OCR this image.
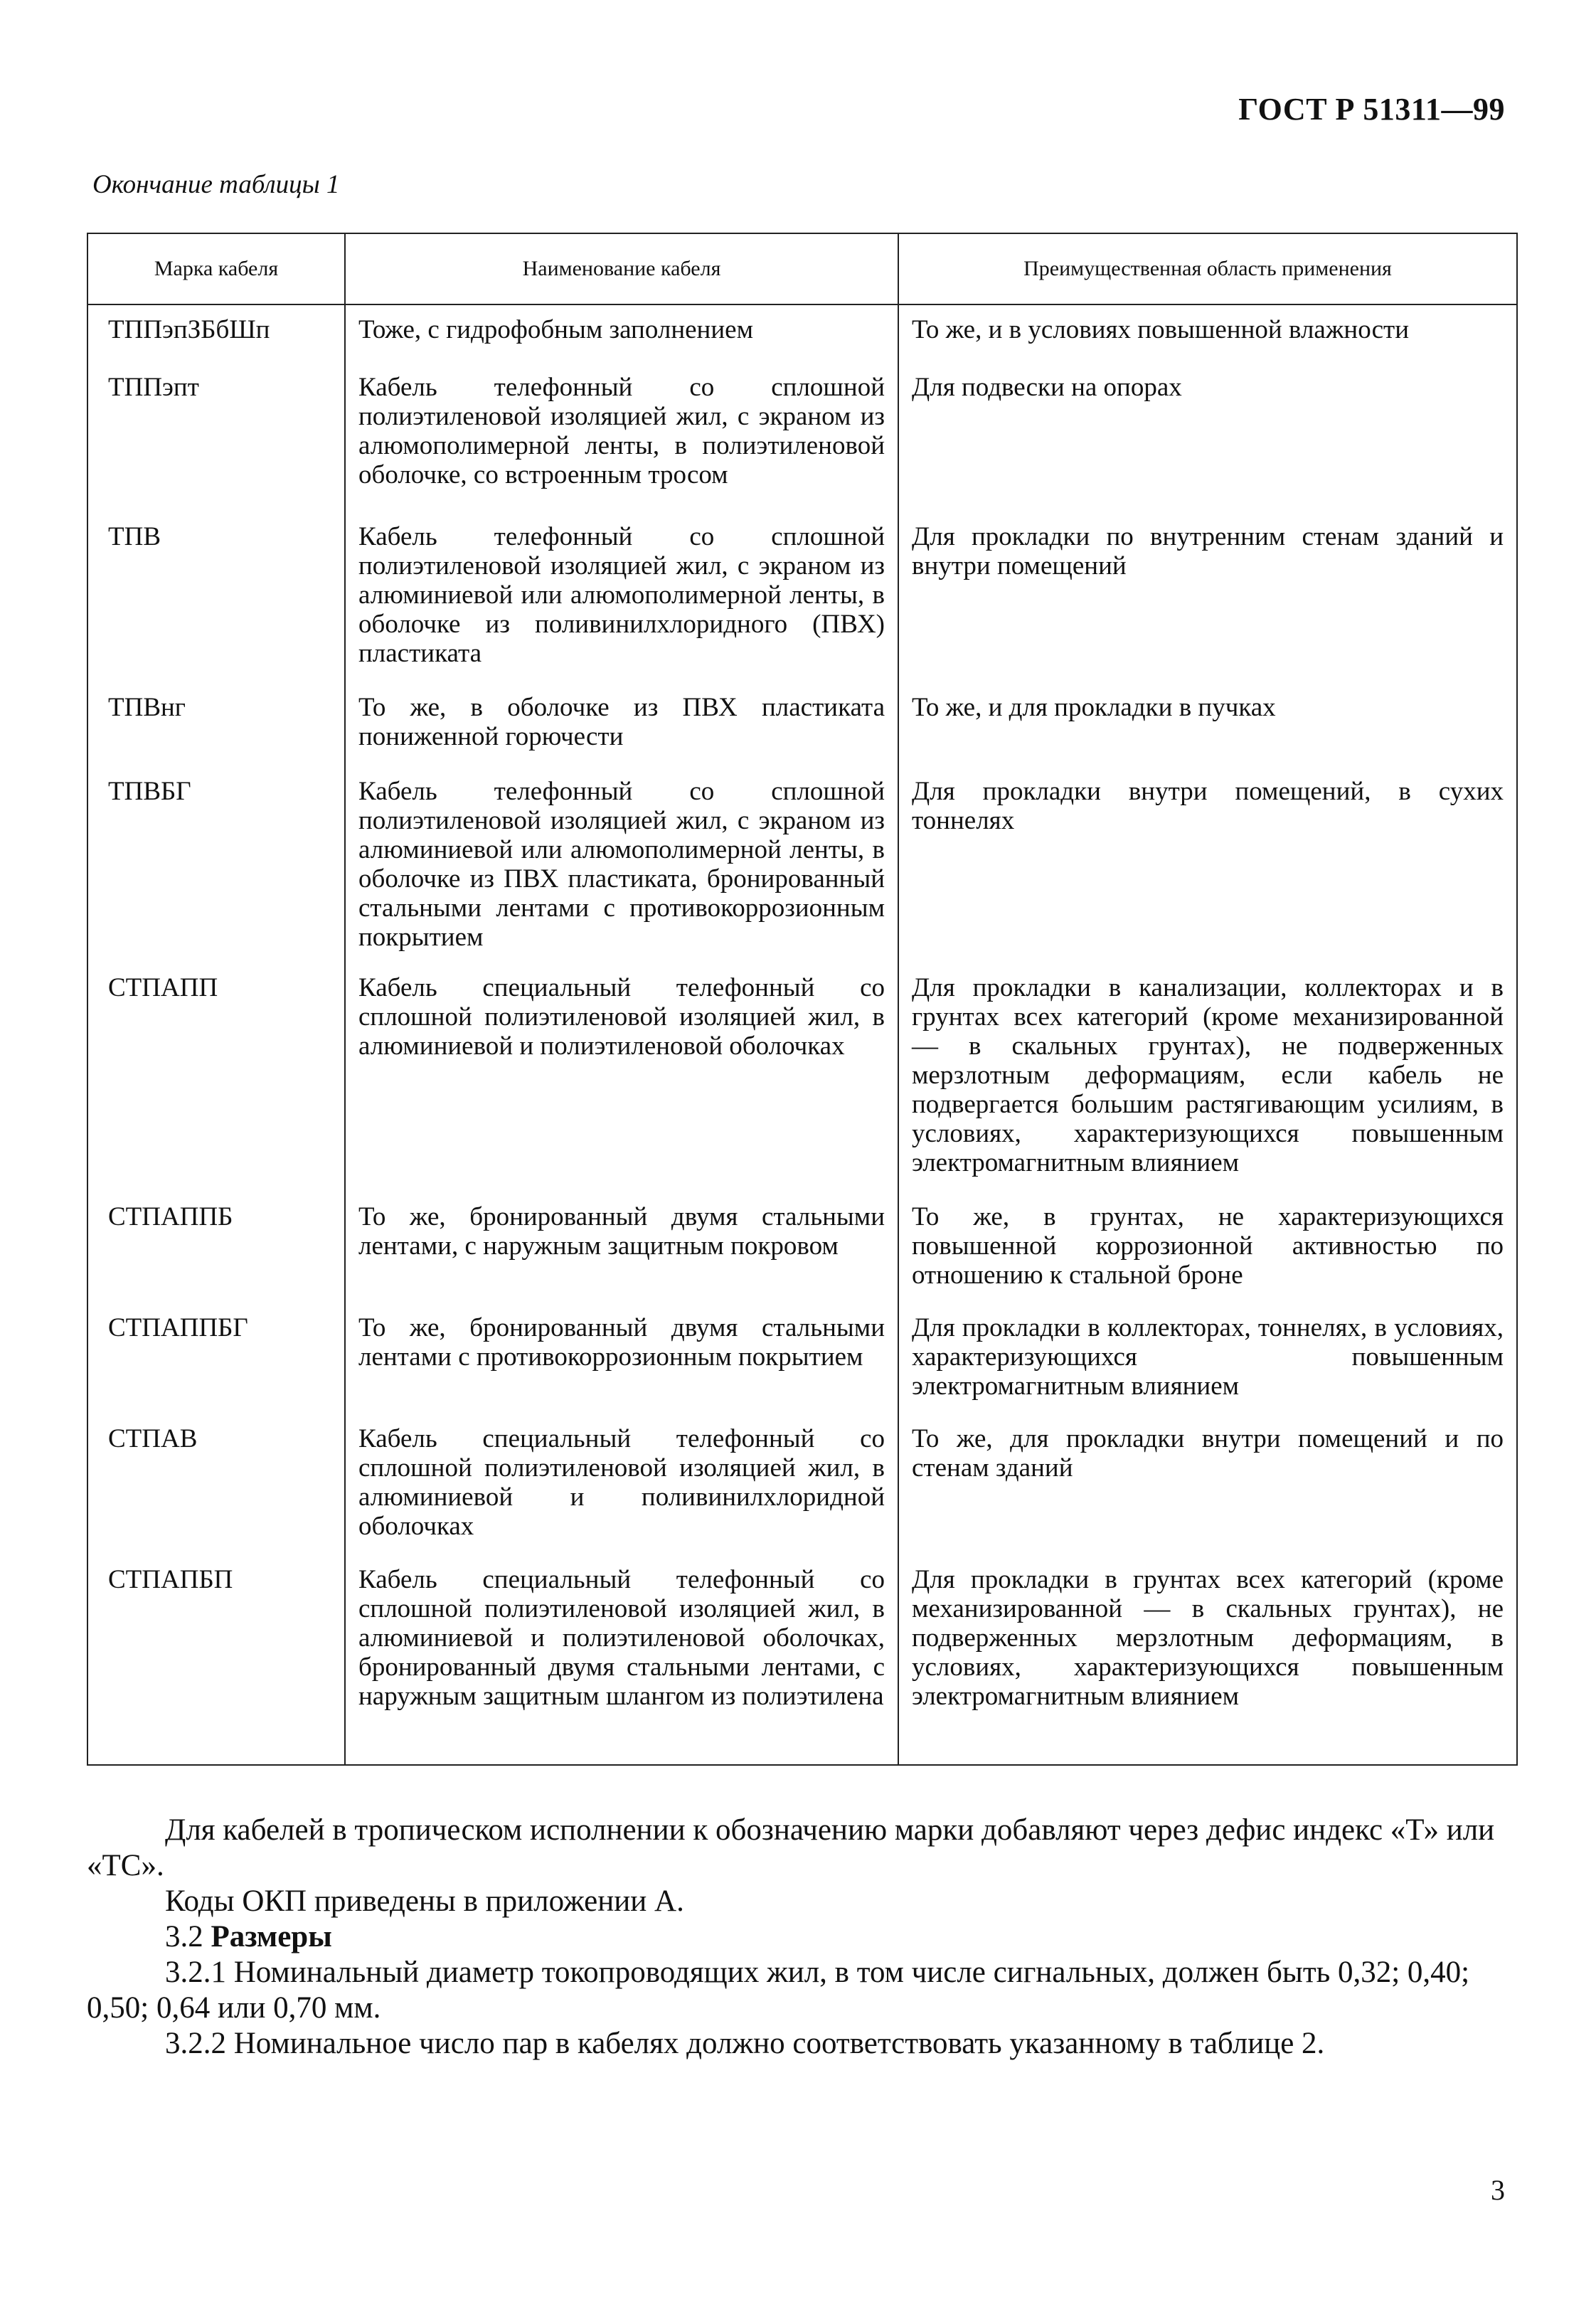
ГОСТ Р 51311—99
Окончание таблицы 1
Марка кабеля	Наименование кабеля	Преимущественная область применения
ТППэпЗБбШп	Тоже, с гидрофобным заполнением	То же, и в условиях повышенной влажности
ТППэпт	Кабель телефонный со сплошной полиэтиленовой изоляцией жил, с экраном из алюмополимерной ленты, в полиэтиленовой оболочке, со встроенным тросом	Для подвески на опорах
ТПВ	Кабель телефонный со сплошной полиэтиленовой изоляцией жил, с экраном из алюминиевой или алюмополимерной ленты, в оболочке из поливинилхлоридного (ПВХ) пластиката	Для прокладки по внутренним стенам зданий и внутри помещений
ТПВнг	То же, в оболочке из ПВХ пластиката пониженной горючести	То же, и для прокладки в пучках
ТПВБГ	Кабель телефонный со сплошной полиэтиленовой изоляцией жил, с экраном из алюминиевой или алюмополимерной ленты, в оболочке из ПВХ пластиката, бронированный стальными лентами с противокоррозионным покрытием	Для прокладки внутри помещений, в сухих тоннелях
СТПАПП	Кабель специальный телефонный со сплошной полиэтиленовой изоляцией жил, в алюминиевой и полиэтиленовой оболочках	Для прокладки в канализации, коллекторах и в грунтах всех категорий (кроме механизированной — в скальных грунтах), не подверженных мерзлотным деформациям, если кабель не подвергается большим растягивающим усилиям, в условиях, характеризующихся повышенным электромагнитным влиянием
СТПАППБ	То же, бронированный двумя стальными лентами, с наружным защитным покровом	То же, в грунтах, не характеризующихся повышенной коррозионной активностью по отношению к стальной броне
СТПАППБГ	То же, бронированный двумя стальными лентами с противокоррозионным покрытием	Для прокладки в коллекторах, тоннелях, в условиях, характеризующихся повышенным электромагнитным влиянием
СТПАВ	Кабель специальный телефонный со сплошной полиэтиленовой изоляцией жил, в алюминиевой и поливинилхлоридной оболочках	То же, для прокладки внутри помещений и по стенам зданий
СТПАПБП	Кабель специальный телефонный со сплошной полиэтиленовой изоляцией жил, в алюминиевой и полиэтиленовой оболочках, бронированный двумя стальными лентами, с наружным защитным шлангом из полиэтилена	Для прокладки в грунтах всех категорий (кроме механизированной — в скальных грунтах), не подверженных мерзлотным деформациям, в условиях, характеризующихся повышенным электромагнитным влиянием

Для кабелей в тропическом исполнении к обозначению марки добавляют через дефис индекс «Т» или «ТС».

Коды ОКП приведены в приложении А.

3.2 Размеры

3.2.1 Номинальный диаметр токопроводящих жил, в том числе сигнальных, должен быть 0,32; 0,40; 0,50; 0,64 или 0,70 мм.

3.2.2 Номинальное число пар в кабелях должно соответствовать указанному в таблице 2.

3
